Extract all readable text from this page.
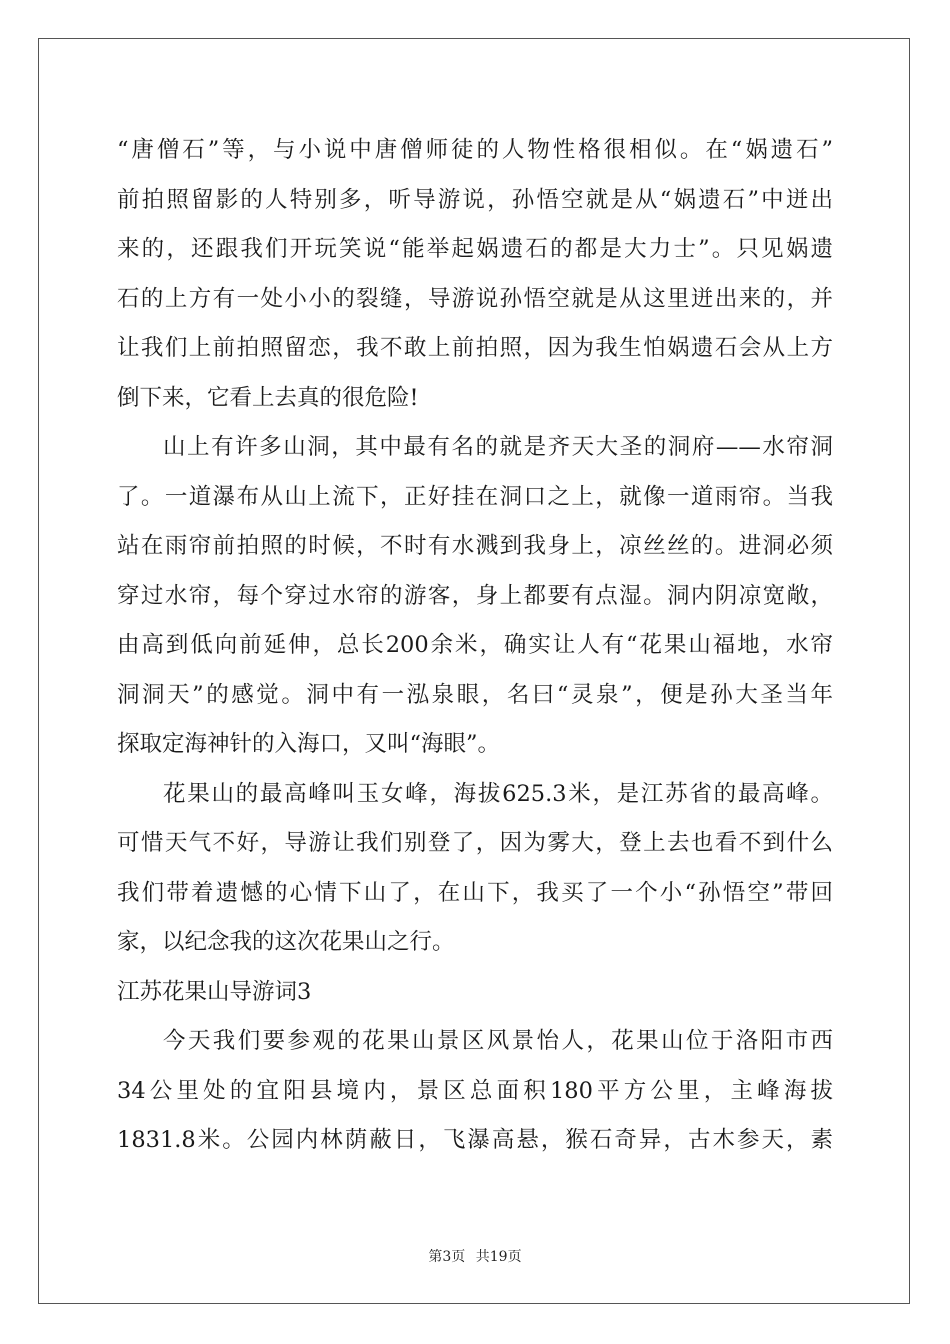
“唐僧石”等，与小说中唐僧师徒的人物性格很相似。在“娲遗石”
前拍照留影的人特别多，听导游说，孙悟空就是从“娲遗石”中迸出
来的，还跟我们开玩笑说“能举起娲遗石的都是大力士”。只见娲遗
石的上方有一处小小的裂缝，导游说孙悟空就是从这里迸出来的，并
让我们上前拍照留恋，我不敢上前拍照，因为我生怕娲遗石会从上方
倒下来，它看上去真的很危险!
山上有许多山洞，其中最有名的就是齐天大圣的洞府——水帘洞
了。一道瀑布从山上流下，正好挂在洞口之上，就像一道雨帘。当我
站在雨帘前拍照的时候，不时有水溅到我身上，凉丝丝的。进洞必须
穿过水帘，每个穿过水帘的游客，身上都要有点湿。洞内阴凉宽敞，
由高到低向前延伸，总长200余米，确实让人有“花果山福地，水帘
洞洞天”的感觉。洞中有一泓泉眼，名曰“灵泉”，便是孙大圣当年
探取定海神针的入海口，又叫“海眼”。
花果山的最高峰叫玉女峰，海拔625.3米，是江苏省的最高峰。
可惜天气不好，导游让我们别登了，因为雾大，登上去也看不到什么
我们带着遗憾的心情下山了，在山下，我买了一个小“孙悟空”带回
家，以纪念我的这次花果山之行。
江苏花果山导游词3
今天我们要参观的花果山景区风景怡人，花果山位于洛阳市西
34公里处的宜阳县境内，景区总面积180平方公里，主峰海拔
1831.8米。公园内林荫蔽日，飞瀑高悬，猴石奇异，古木参天，素
第3页 共19页
